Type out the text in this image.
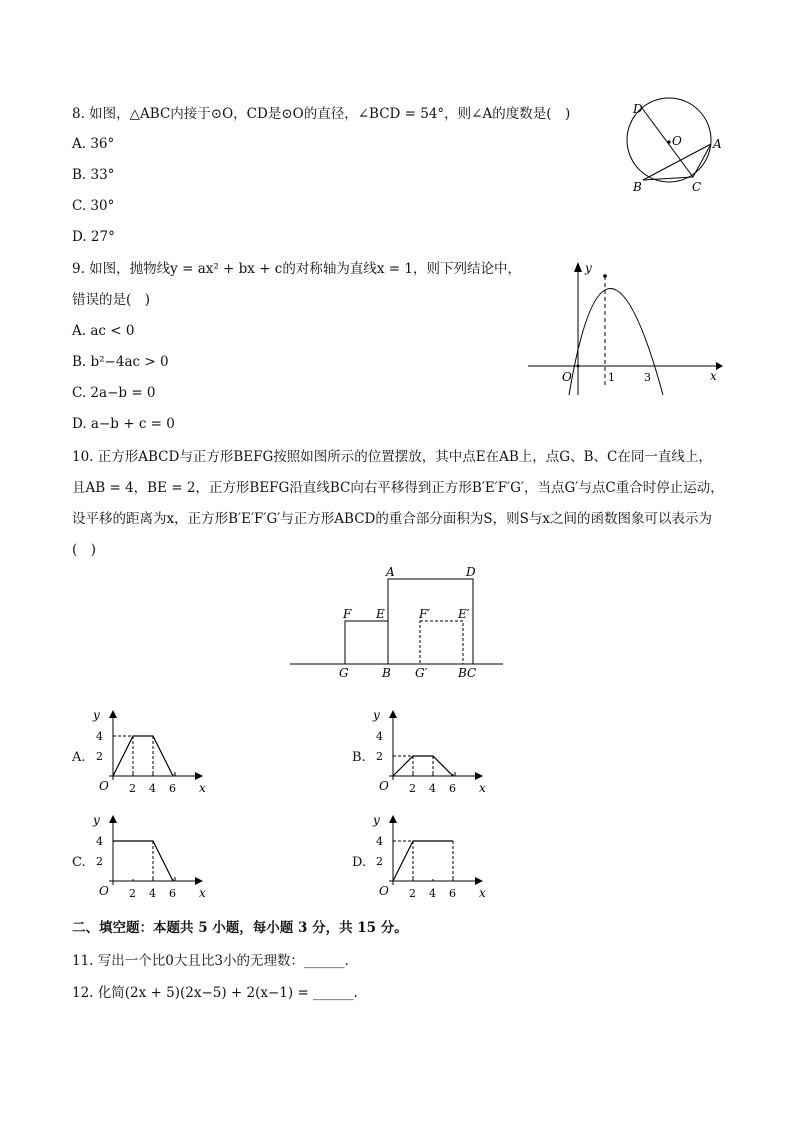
8. 如图，△ABC内接于⊙O，CD是⊙O的直径，∠BCD = 54°，则∠A的度数是(　)
A. 36°
B. 33°
C. 30°
D. 27°
D
O	A
B	C
9. 如图，抛物线y = ax² + bx + c的对称轴为直线x = 1，则下列结论中，
错误的是(　)
A. ac < 0
B. b²−4ac > 0
C. 2a−b = 0
D. a−b + c = 0
y
O	1	3	x
10. 正方形ABCD与正方形BEFG按照如图所示的位置摆放，其中点E在AB上，点G、B、C在同一直线上，
且AB = 4，BE = 2，正方形BEFG沿直线BC向右平移得到正方形B′E′F′G′，当点G′与点C重合时停止运动，
设平移的距离为x，正方形B′E′F′G′与正方形ABCD的重合部分面积为S，则S与x之间的函数图象可以表示为
(　)
A	D
F E	F′ E′
G	B G′	BC
A.	B.
C.	D.
y
x
O
4
2
2 4 6
y
x
O
4
2
2 4 6
y
x
O
4
2
2 4 6
y
x
O
4
2
2 4 6
二、填空题：本题共 5 小题，每小题 3 分，共 15 分。
11. 写出一个比0大且比3小的无理数：______.
12. 化简(2x + 5)(2x−5) + 2(x−1) = ______.
